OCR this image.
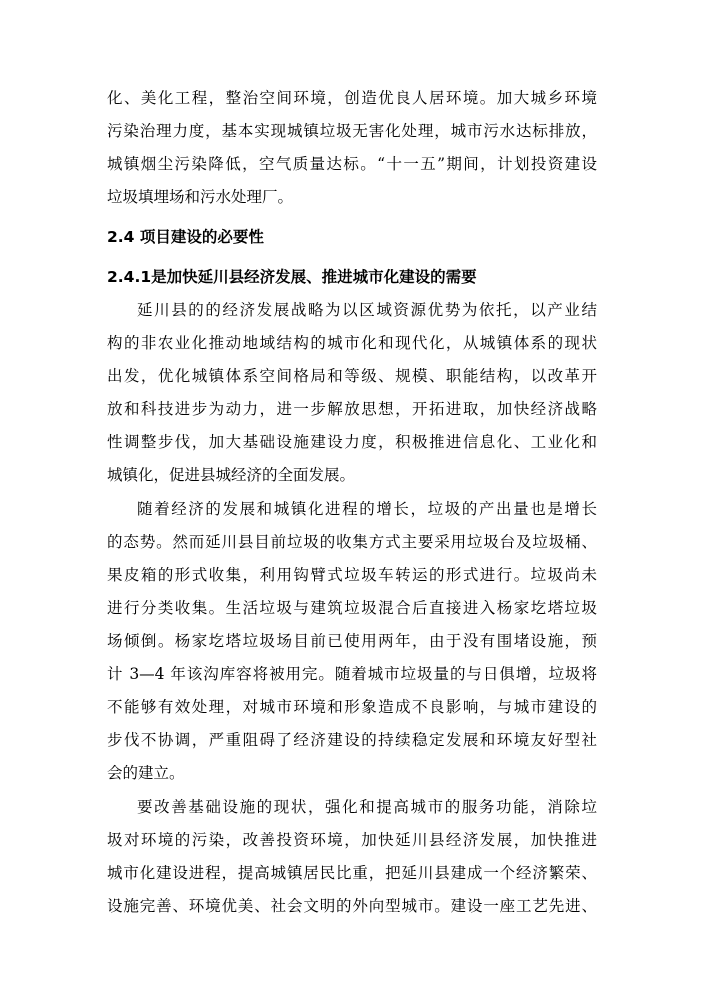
化、美化工程，整治空间环境，创造优良人居环境。加大城乡环境
污染治理力度，基本实现城镇垃圾无害化处理，城市污水达标排放，
城镇烟尘污染降低，空气质量达标。“十一五”期间，计划投资建设
垃圾填埋场和污水处理厂。
2.4 项目建设的必要性
2.4.1是加快延川县经济发展、推进城市化建设的需要
延川县的的经济发展战略为以区域资源优势为依托，以产业结
构的非农业化推动地域结构的城市化和现代化，从城镇体系的现状
出发，优化城镇体系空间格局和等级、规模、职能结构，以改革开
放和科技进步为动力，进一步解放思想，开拓进取，加快经济战略
性调整步伐，加大基础设施建设力度，积极推进信息化、工业化和
城镇化，促进县城经济的全面发展。
随着经济的发展和城镇化进程的增长，垃圾的产出量也是增长
的态势。然而延川县目前垃圾的收集方式主要采用垃圾台及垃圾桶、
果皮箱的形式收集，利用钩臂式垃圾车转运的形式进行。垃圾尚未
进行分类收集。生活垃圾与建筑垃圾混合后直接进入杨家圪塔垃圾
场倾倒。杨家圪塔垃圾场目前已使用两年，由于没有围堵设施，预
计 3—4 年该沟库容将被用完。随着城市垃圾量的与日俱增，垃圾将
不能够有效处理，对城市环境和形象造成不良影响，与城市建设的
步伐不协调，严重阻碍了经济建设的持续稳定发展和环境友好型社
会的建立。
要改善基础设施的现状，强化和提高城市的服务功能，消除垃
圾对环境的污染，改善投资环境，加快延川县经济发展，加快推进
城市化建设进程，提高城镇居民比重，把延川县建成一个经济繁荣、
设施完善、环境优美、社会文明的外向型城市。建设一座工艺先进、
